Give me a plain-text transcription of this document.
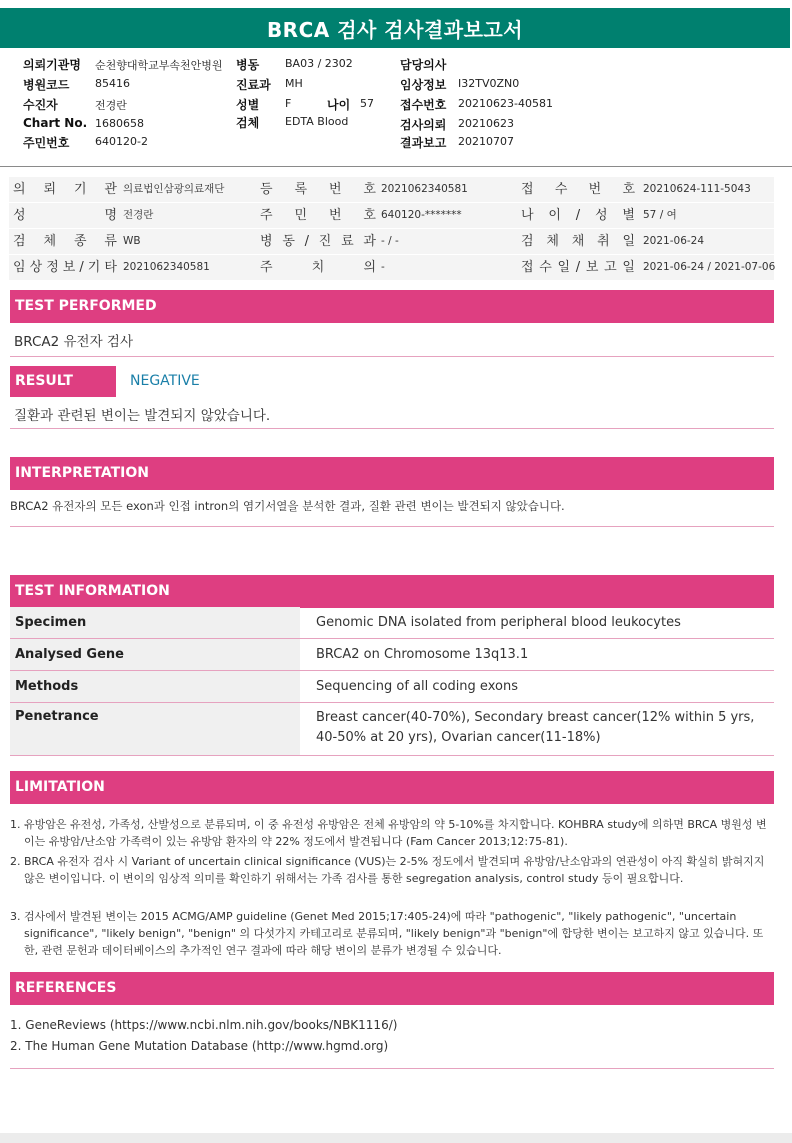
BRCA 검사 검사결과보고서
의뢰기관명 순천향대학교부속천안병원 병동 BA03 / 2302	담당의사
병원코드 85416	진료과 MH	임상정보 I32TV0ZN0
수진자	전경란	성별 F	나이 57 접수번호 20210623-40581
Chart No. 1680658	검체 EDTA Blood	검사의뢰 20210623
주민번호 640120-2	결과보고 20210707
의 뢰 기 관 의료법인삼광의료재단	등 록 번 호 2021062340581	접 수 번 호 20210624-111-5043
성	명 전경란	주 민 번 호 640120-*******	나 이 / 성 별 57 / 여
검 체 종 류 WB	병 동 / 진 료 과 - / -	검 체 채 취 일 2021-06-24
임 상 정 보 / 기 타 2021062340581	주	치	의 -	접 수 일 / 보 고 일 2021-06-24 / 2021-07-06
TEST PERFORMED
BRCA2 유전자 검사
RESULT	NEGATIVE
질환과 관련된 변이는 발견되지 않았습니다.
INTERPRETATION
BRCA2 유전자의 모든 exon과 인접 intron의 염기서열을 분석한 결과, 질환 관련 변이는 발견되지 않았습니다.
TEST INFORMATION
Specimen	Genomic DNA isolated from peripheral blood leukocytes
Analysed Gene	BRCA2 on Chromosome 13q13.1
Methods	Sequencing of all coding exons
Penetrance	Breast cancer(40-70%), Secondary breast cancer(12% within 5 yrs, 40-50% at 20 yrs), Ovarian cancer(11-18%)
LIMITATION
1. 유방암은 유전성, 가족성, 산발성으로 분류되며, 이 중 유전성 유방암은 전체 유방암의 약 5-10%를 차지합니다. KOHBRA study에 의하면 BRCA 병원성 변이는 유방암/난소암 가족력이 있는 유방암 환자의 약 22% 정도에서 발견됩니다 (Fam Cancer 2013;12:75-81).
2. BRCA 유전자 검사 시 Variant of uncertain clinical significance (VUS)는 2-5% 정도에서 발견되며 유방암/난소암과의 연관성이 아직 확실히 밝혀지지 않은 변이입니다. 이 변이의 임상적 의미를 확인하기 위해서는 가족 검사를 통한 segregation analysis, control study 등이 필요합니다.
3. 검사에서 발견된 변이는 2015 ACMG/AMP guideline (Genet Med 2015;17:405-24)에 따라 "pathogenic", "likely pathogenic", "uncertain significance", "likely benign", "benign" 의 다섯가지 카테고리로 분류되며, "likely benign"과 "benign"에 합당한 변이는 보고하지 않고 있습니다. 또한, 관련 문헌과 데이터베이스의 추가적인 연구 결과에 따라 해당 변이의 분류가 변경될 수 있습니다.
REFERENCES
1. GeneReviews (https://www.ncbi.nlm.nih.gov/books/NBK1116/)
2. The Human Gene Mutation Database (http://www.hgmd.org)
